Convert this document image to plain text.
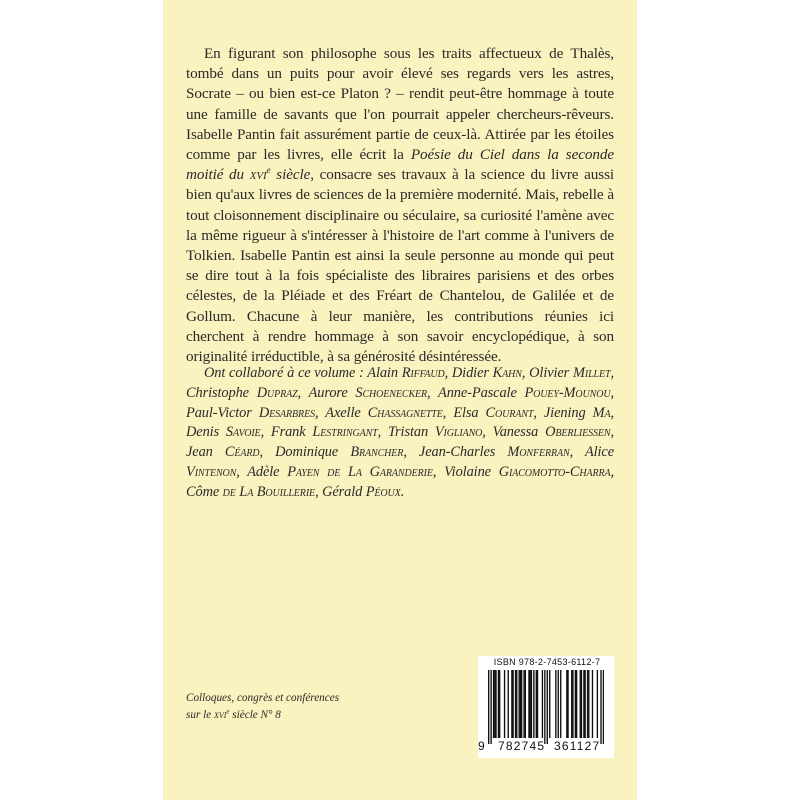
En figurant son philosophe sous les traits affectueux de Thalès, tombé dans un puits pour avoir élevé ses regards vers les astres, Socrate – ou bien est-ce Platon ? – rendit peut-être hommage à toute une famille de savants que l'on pourrait appeler chercheurs-rêveurs. Isabelle Pantin fait assurément partie de ceux-là. Attirée par les étoiles comme par les livres, elle écrit la Poésie du Ciel dans la seconde moitié du xvi$^e$ siècle, consacre ses travaux à la science du livre aussi bien qu'aux livres de sciences de la première modernité. Mais, rebelle à tout cloisonnement disciplinaire ou séculaire, sa curiosité l'amène avec la même rigueur à s'intéresser à l'histoire de l'art comme à l'univers de Tolkien. Isabelle Pantin est ainsi la seule personne au monde qui peut se dire tout à la fois spécialiste des libraires parisiens et des orbes célestes, de la Pléiade et des Fréart de Chantelou, de Galilée et de Gollum. Chacune à leur manière, les contributions réunies ici cherchent à rendre hommage à son savoir encyclopédique, à son originalité irréductible, à sa générosité désintéressée.

Ont collaboré à ce volume : Alain Riffaud, Didier Kahn, Olivier Millet, Christophe Dupraz, Aurore Schoenecker, Anne-Pascale Pouey-Mounou, Paul-Victor Desarbres, Axelle Chassagnette, Elsa Courant, Jiening Ma, Denis Savoie, Frank Lestringant, Tristan Vigliano, Vanessa Oberliessen, Jean Céard, Dominique Brancher, Jean-Charles Monferran, Alice Vintenon, Adèle Payen de La Garanderie, Violaine Giacomotto-Charra, Côme de La Bouillerie, Gérald Péoux.

Colloques, congrès et conférences
sur le xvi$^e$ siècle N° 8
ISBN 978-2-7453-6112-7
9 782745 361127
